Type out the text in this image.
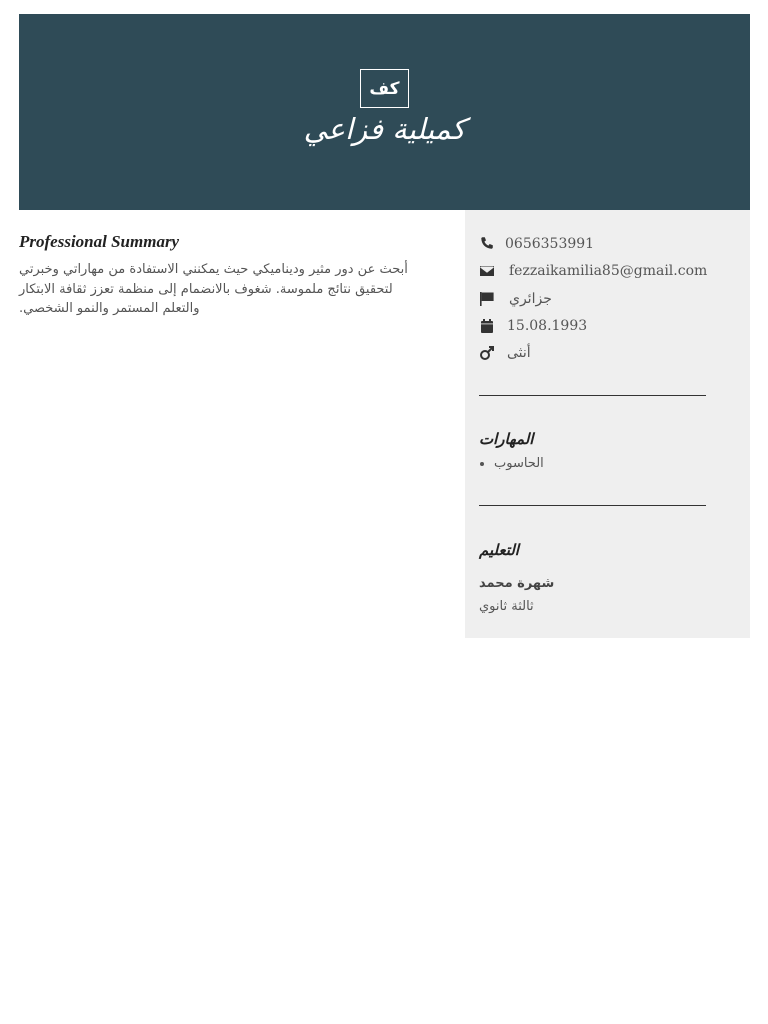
كف
كميلية فزاعي
Professional Summary

أبحث عن دور مثير وديناميكي حيث يمكنني الاستفادة من مهاراتي وخبرتي لتحقيق نتائج ملموسة. شغوف بالانضمام إلى منظمة تعزز ثقافة الابتكار والتعلم المستمر والنمو الشخصي.

0656353991
fezzaikamilia85@gmail.com
جزائري
15.08.1993
أنثى
المهارات
• الحاسوب
التعليم
شهرة محمد
ثالثة ثانوي
